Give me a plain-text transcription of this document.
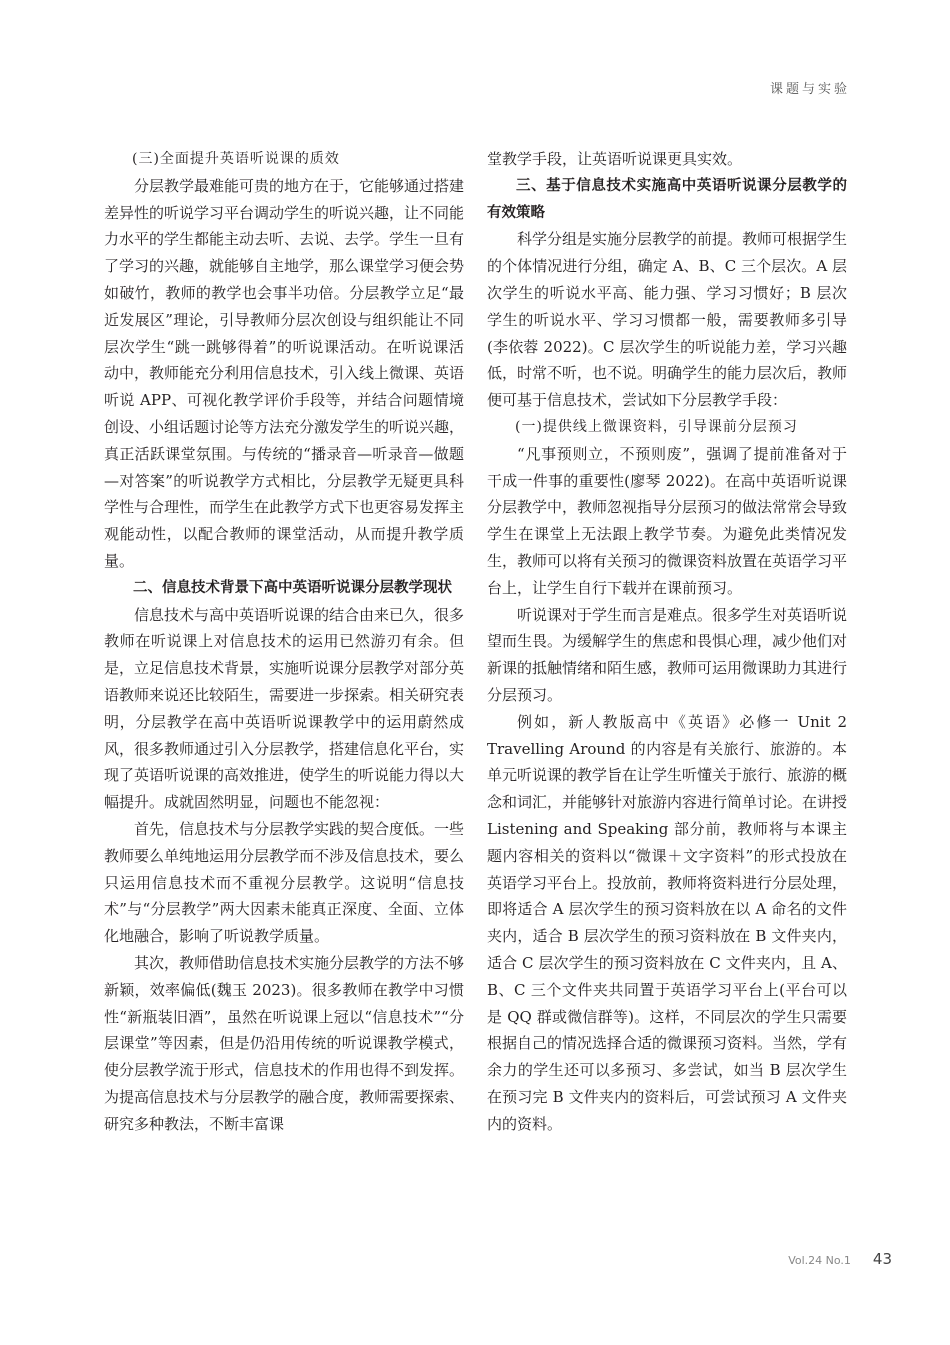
课题与实验

(三)全面提升英语听说课的质效

分层教学最难能可贵的地方在于，它能够通过搭建差异性的听说学习平台调动学生的听说兴趣，让不同能力水平的学生都能主动去听、去说、去学。学生一旦有了学习的兴趣，就能够自主地学，那么课堂学习便会势如破竹，教师的教学也会事半功倍。分层教学立足“最近发展区”理论，引导教师分层次创设与组织能让不同层次学生“跳一跳够得着”的听说课活动。在听说课活动中，教师能充分利用信息技术，引入线上微课、英语听说 APP、可视化教学评价手段等，并结合问题情境创设、小组话题讨论等方法充分激发学生的听说兴趣，真正活跃课堂氛围。与传统的“播录音—听录音—做题—对答案”的听说教学方式相比，分层教学无疑更具科学性与合理性，而学生在此教学方式下也更容易发挥主观能动性，以配合教师的课堂活动，从而提升教学质量。

二、信息技术背景下高中英语听说课分层教学现状

信息技术与高中英语听说课的结合由来已久，很多教师在听说课上对信息技术的运用已然游刃有余。但是，立足信息技术背景，实施听说课分层教学对部分英语教师来说还比较陌生，需要进一步探索。相关研究表明，分层教学在高中英语听说课教学中的运用蔚然成风，很多教师通过引入分层教学，搭建信息化平台，实现了英语听说课的高效推进，使学生的听说能力得以大幅提升。成就固然明显，问题也不能忽视：

首先，信息技术与分层教学实践的契合度低。一些教师要么单纯地运用分层教学而不涉及信息技术，要么只运用信息技术而不重视分层教学。这说明“信息技术”与“分层教学”两大因素未能真正深度、全面、立体化地融合，影响了听说教学质量。

其次，教师借助信息技术实施分层教学的方法不够新颖，效率偏低(魏玉 2023)。很多教师在教学中习惯性“新瓶装旧酒”，虽然在听说课上冠以“信息技术”“分层课堂”等因素，但是仍沿用传统的听说课教学模式，使分层教学流于形式，信息技术的作用也得不到发挥。为提高信息技术与分层教学的融合度，教师需要探索、研究多种教法，不断丰富课

堂教学手段，让英语听说课更具实效。

三、基于信息技术实施高中英语听说课分层教学的有效策略

科学分组是实施分层教学的前提。教师可根据学生的个体情况进行分组，确定 A、B、C 三个层次。A 层次学生的听说水平高、能力强、学习习惯好；B 层次学生的听说水平、学习习惯都一般，需要教师多引导(李依蓉 2022)。C 层次学生的听说能力差，学习兴趣低，时常不听，也不说。明确学生的能力层次后，教师便可基于信息技术，尝试如下分层教学手段：

(一)提供线上微课资料，引导课前分层预习

“凡事预则立，不预则废”，强调了提前准备对于干成一件事的重要性(廖琴 2022)。在高中英语听说课分层教学中，教师忽视指导分层预习的做法常常会导致学生在课堂上无法跟上教学节奏。为避免此类情况发生，教师可以将有关预习的微课资料放置在英语学习平台上，让学生自行下载并在课前预习。

听说课对于学生而言是难点。很多学生对英语听说望而生畏。为缓解学生的焦虑和畏惧心理，减少他们对新课的抵触情绪和陌生感，教师可运用微课助力其进行分层预习。

例如，新人教版高中《英语》必修一 Unit 2 Travelling Around 的内容是有关旅行、旅游的。本单元听说课的教学旨在让学生听懂关于旅行、旅游的概念和词汇，并能够针对旅游内容进行简单讨论。在讲授 Listening and Speaking 部分前，教师将与本课主题内容相关的资料以“微课＋文字资料”的形式投放在英语学习平台上。投放前，教师将资料进行分层处理，即将适合 A 层次学生的预习资料放在以 A 命名的文件夹内，适合 B 层次学生的预习资料放在 B 文件夹内，适合 C 层次学生的预习资料放在 C 文件夹内，且 A、B、C 三个文件夹共同置于英语学习平台上(平台可以是 QQ 群或微信群等)。这样，不同层次的学生只需要根据自己的情况选择合适的微课预习资料。当然，学有余力的学生还可以多预习、多尝试，如当 B 层次学生在预习完 B 文件夹内的资料后，可尝试预习 A 文件夹内的资料。

Vol.24 No.1 43
